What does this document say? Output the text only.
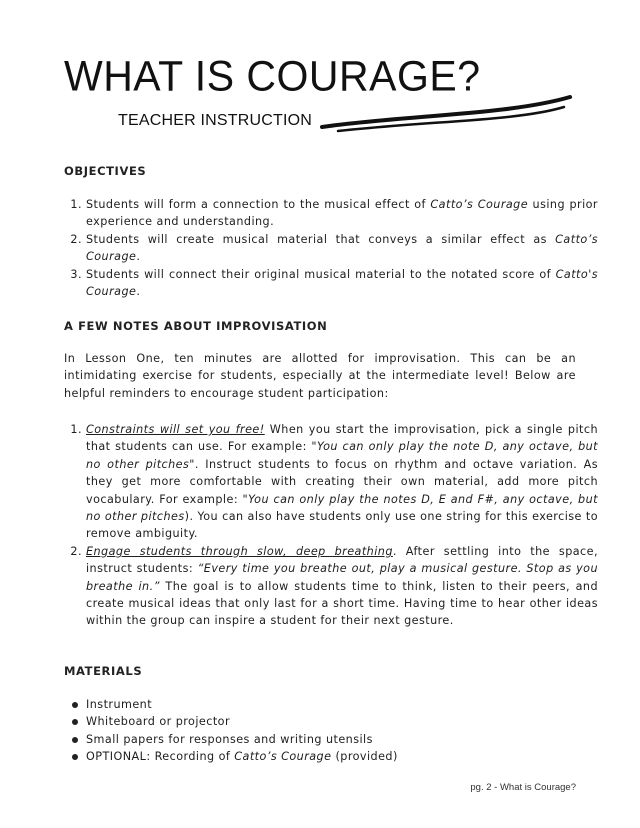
WHAT IS COURAGE?
TEACHER INSTRUCTION
OBJECTIVES
1. Students will form a connection to the musical effect of Catto’s Courage using prior experience and understanding.
2. Students will create musical material that conveys a similar effect as Catto’s Courage.
3. Students will connect their original musical material to the notated score of Catto's Courage.
A FEW NOTES ABOUT IMPROVISATION

In Lesson One, ten minutes are allotted for improvisation. This can be an intimidating exercise for students, especially at the intermediate level! Below are helpful reminders to encourage student participation:

1. Constraints will set you free! When you start the improvisation, pick a single pitch that students can use. For example: "You can only play the note D, any octave, but no other pitches". Instruct students to focus on rhythm and octave variation. As they get more comfortable with creating their own material, add more pitch vocabulary. For example: "You can only play the notes D, E and F#, any octave, but no other pitches). You can also have students only use one string for this exercise to remove ambiguity.
2. Engage students through slow, deep breathing. After settling into the space, instruct students: “Every time you breathe out, play a musical gesture. Stop as you breathe in.” The goal is to allow students time to think, listen to their peers, and create musical ideas that only last for a short time. Having time to hear other ideas within the group can inspire a student for their next gesture.
MATERIALS
Instrument
Whiteboard or projector
Small papers for responses and writing utensils
OPTIONAL: Recording of Catto’s Courage (provided)
pg. 2 - What is Courage?
